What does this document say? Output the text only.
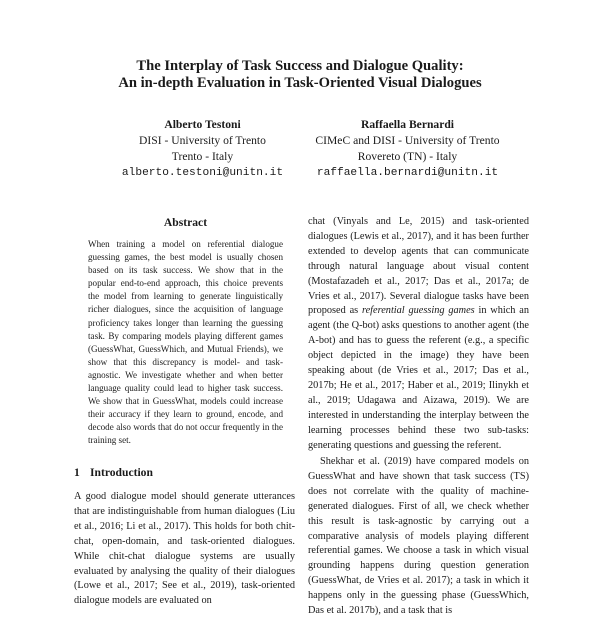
The Interplay of Task Success and Dialogue Quality:
An in-depth Evaluation in Task-Oriented Visual Dialogues
Alberto Testoni
DISI - University of Trento
Trento - Italy
alberto.testoni@unitn.it
Raffaella Bernardi
CIMeC and DISI - University of Trento
Rovereto (TN) - Italy
raffaella.bernardi@unitn.it
Abstract

When training a model on referential dialogue guessing games, the best model is usually chosen based on its task success. We show that in the popular end-to-end approach, this choice prevents the model from learning to generate linguistically richer dialogues, since the acquisition of language proficiency takes longer than learning the guessing task. By comparing models playing different games (GuessWhat, GuessWhich, and Mutual Friends), we show that this discrepancy is model- and task-agnostic. We investigate whether and when better language quality could lead to higher task success. We show that in GuessWhat, models could increase their accuracy if they learn to ground, encode, and decode also words that do not occur frequently in the training set.

1 Introduction

A good dialogue model should generate utterances that are indistinguishable from human dialogues (Liu et al., 2016; Li et al., 2017). This holds for both chit-chat, open-domain, and task-oriented dialogues. While chit-chat dialogue systems are usually evaluated by analysing the quality of their dialogues (Lowe et al., 2017; See et al., 2019), task-oriented dialogue models are evaluated on

chat (Vinyals and Le, 2015) and task-oriented dialogues (Lewis et al., 2017), and it has been further extended to develop agents that can communicate through natural language about visual content (Mostafazadeh et al., 2017; Das et al., 2017a; de Vries et al., 2017). Several dialogue tasks have been proposed as referential guessing games in which an agent (the Q-bot) asks questions to another agent (the A-bot) and has to guess the referent (e.g., a specific object depicted in the image) they have been speaking about (de Vries et al., 2017; Das et al., 2017b; He et al., 2017; Haber et al., 2019; Ilinykh et al., 2019; Udagawa and Aizawa, 2019). We are interested in understanding the interplay between the learning processes behind these two sub-tasks: generating questions and guessing the referent.

Shekhar et al. (2019) have compared models on GuessWhat and have shown that task success (TS) does not correlate with the quality of machine-generated dialogues. First of all, we check whether this result is task-agnostic by carrying out a comparative analysis of models playing different referential games. We choose a task in which visual grounding happens during question generation (GuessWhat, de Vries et al. 2017); a task in which it happens only in the guessing phase (GuessWhich, Das et al. 2017b), and a task that is
